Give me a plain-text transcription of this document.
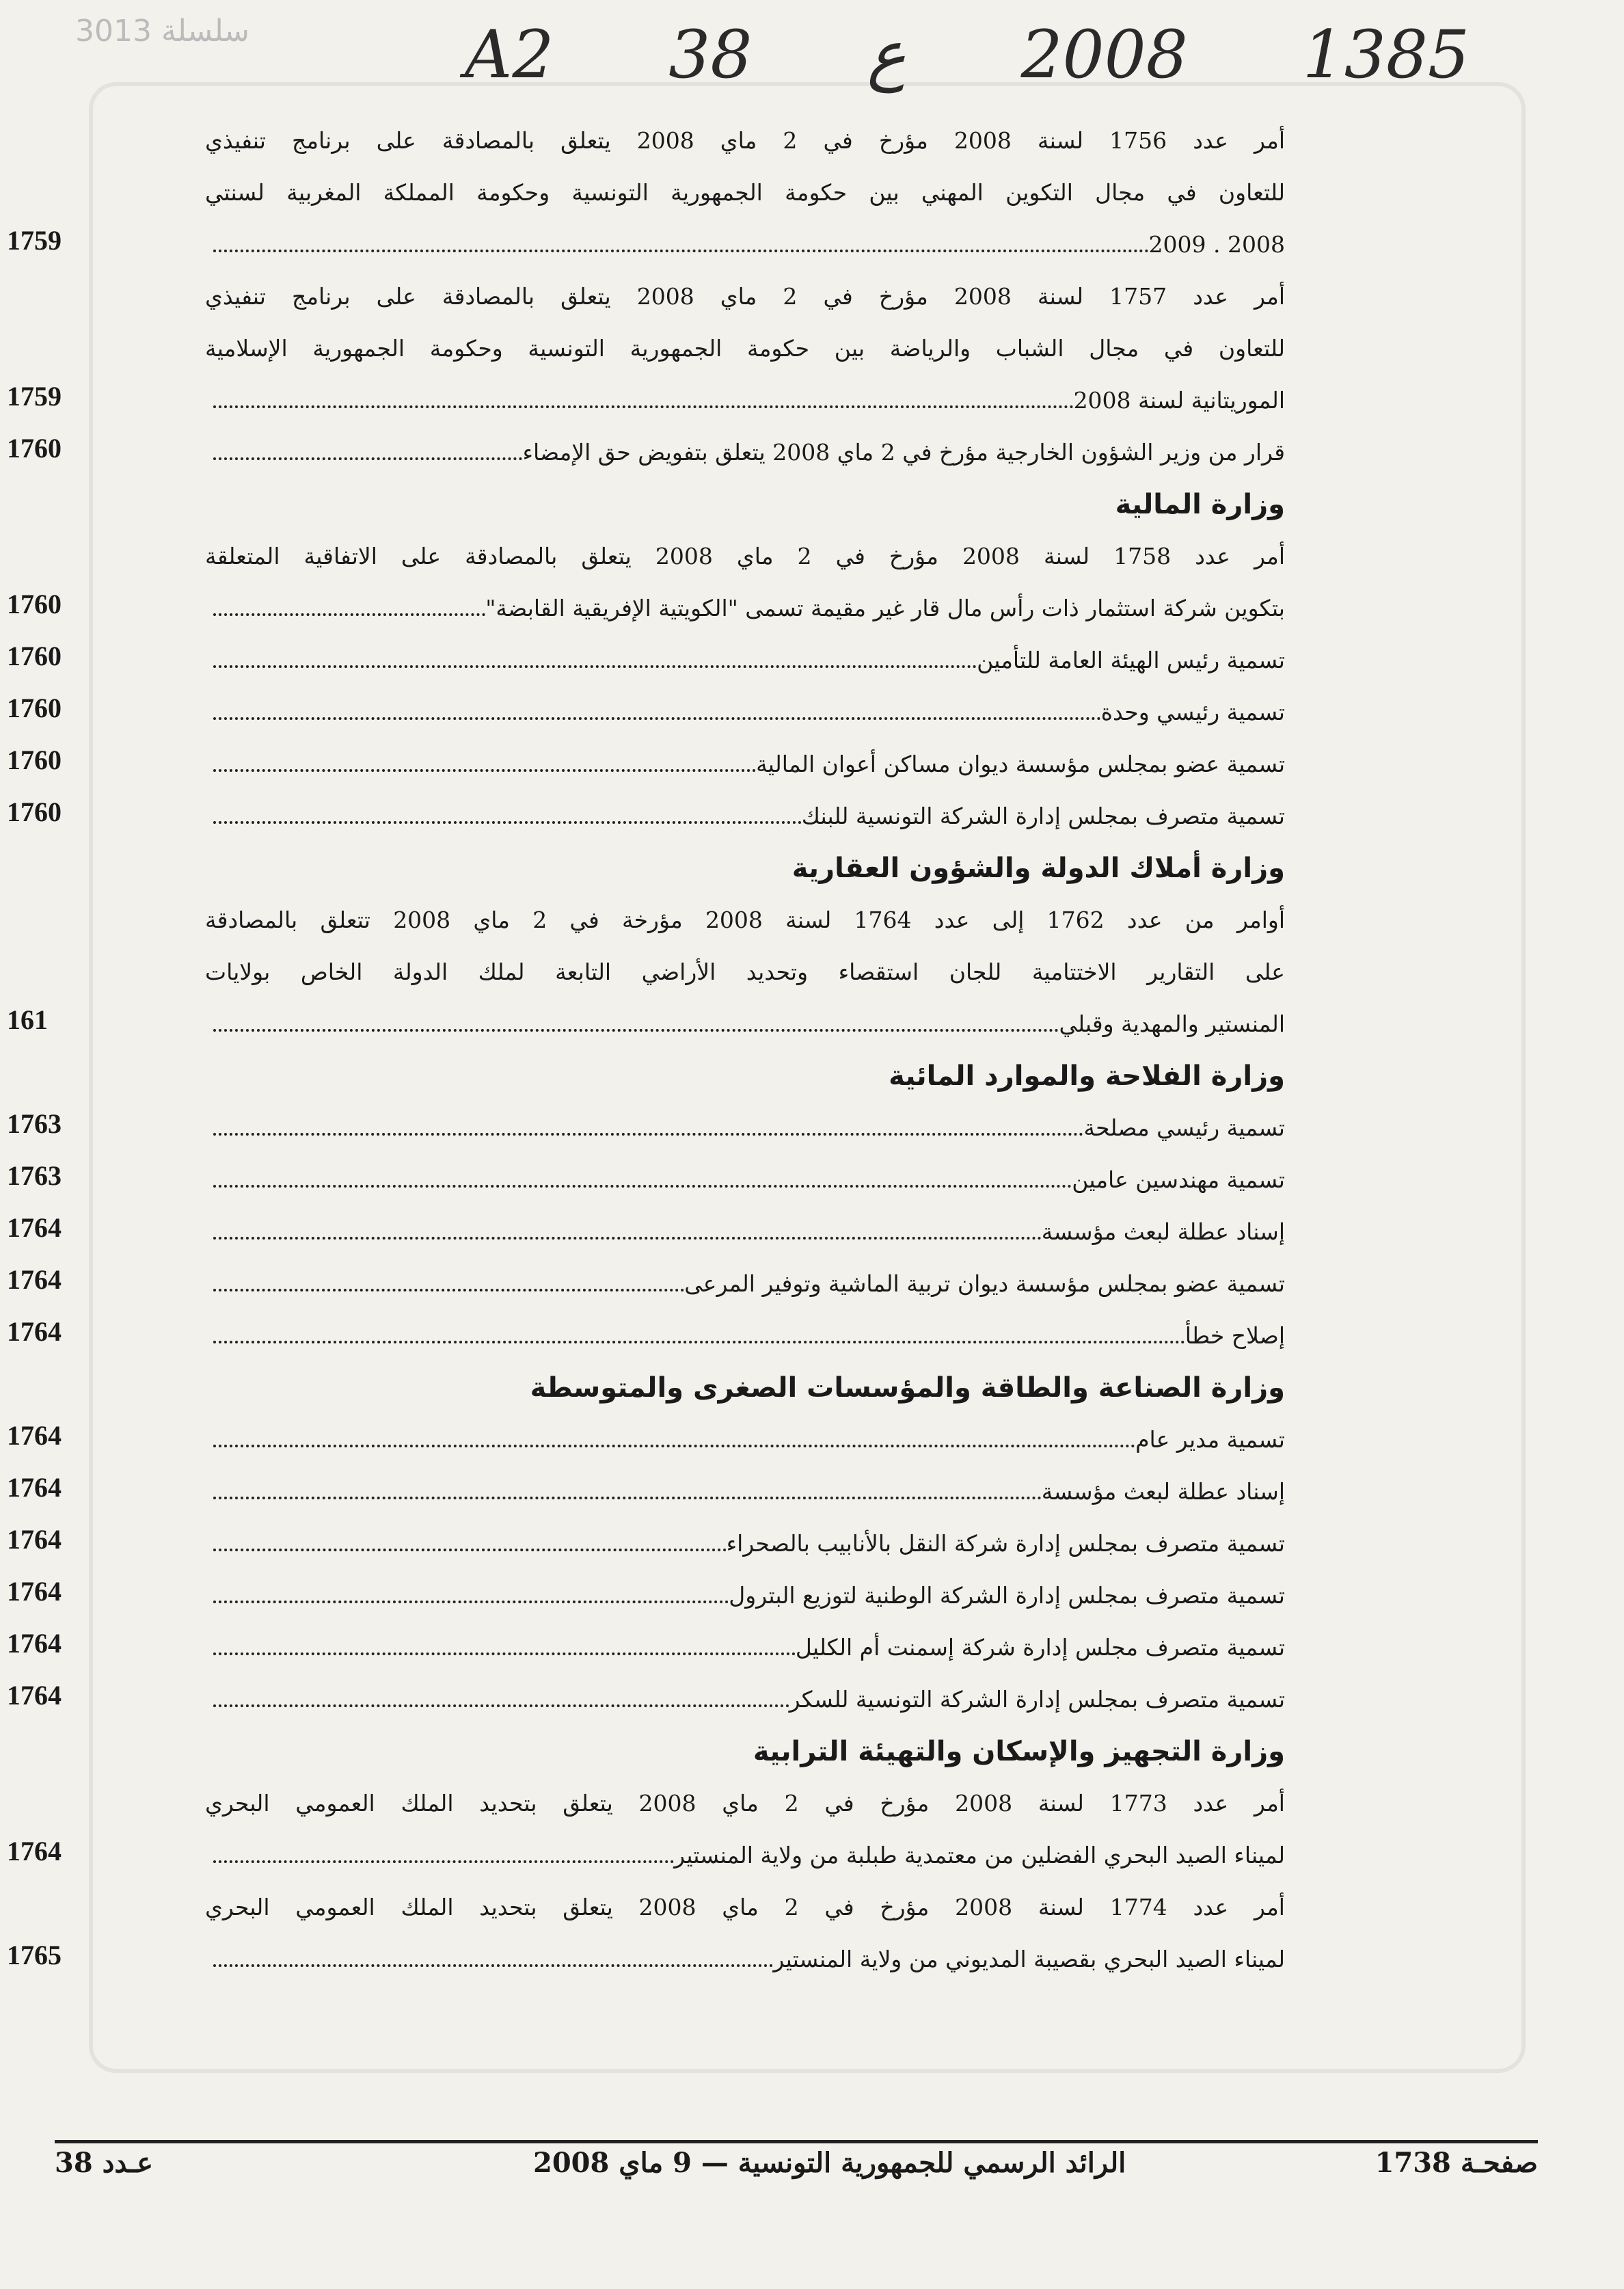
3013 ﺳﻠﺴﻠﺔ	A2 38 ع 2008 1385
أمر عدد 1756 لسنة 2008 مؤرخ في 2 ماي 2008 يتعلق بالمصادقة على برنامج تنفيذي
للتعاون في مجال التكوين المهني بين حكومة الجمهورية التونسية وحكومة المملكة المغربية لسنتي
2008 . 2009
1759
أمر عدد 1757 لسنة 2008 مؤرخ في 2 ماي 2008 يتعلق بالمصادقة على برنامج تنفيذي
للتعاون في مجال الشباب والرياضة بين حكومة الجمهورية التونسية وحكومة الجمهورية الإسلامية
الموريتانية لسنة 2008
1759
قرار من وزير الشؤون الخارجية مؤرخ في 2 ماي 2008 يتعلق بتفويض حق الإمضاء
1760
وزارة المالية
أمر عدد 1758 لسنة 2008 مؤرخ في 2 ماي 2008 يتعلق بالمصادقة على الاتفاقية المتعلقة
بتكوين شركة استثمار ذات رأس مال قار غير مقيمة تسمى "الكويتية الإفريقية القابضة"
1760
تسمية رئيس الهيئة العامة للتأمين
1760
تسمية رئيسي وحدة
1760
تسمية عضو بمجلس مؤسسة ديوان مساكن أعوان المالية
1760
تسمية متصرف بمجلس إدارة الشركة التونسية للبنك
1760
وزارة أملاك الدولة والشؤون العقارية
أوامر من عدد 1762 إلى عدد 1764 لسنة 2008 مؤرخة في 2 ماي 2008 تتعلق بالمصادقة
على التقارير الاختتامية للجان استقصاء وتحديد الأراضي التابعة لملك الدولة الخاص بولايات
المنستير والمهدية وقبلي
161
وزارة الفلاحة والموارد المائية
تسمية رئيسي مصلحة
1763
تسمية مهندسين عامين
1763
إسناد عطلة لبعث مؤسسة
1764
تسمية عضو بمجلس مؤسسة ديوان تربية الماشية وتوفير المرعى
1764
إصلاح خطأ
1764
وزارة الصناعة والطاقة والمؤسسات الصغرى والمتوسطة
تسمية مدير عام
1764
إسناد عطلة لبعث مؤسسة
1764
تسمية متصرف بمجلس إدارة شركة النقل بالأنابيب بالصحراء
1764
تسمية متصرف بمجلس إدارة الشركة الوطنية لتوزيع البترول
1764
تسمية متصرف مجلس إدارة شركة إسمنت أم الكليل
1764
تسمية متصرف بمجلس إدارة الشركة التونسية للسكر
1764
وزارة التجهيز والإسكان والتهيئة الترابية
أمر عدد 1773 لسنة 2008 مؤرخ في 2 ماي 2008 يتعلق بتحديد الملك العمومي البحري
لميناء الصيد البحري الفضلين من معتمدية طبلبة من ولاية المنستير
1764
أمر عدد 1774 لسنة 2008 مؤرخ في 2 ماي 2008 يتعلق بتحديد الملك العمومي البحري
لميناء الصيد البحري بقصيبة المديوني من ولاية المنستير
1765
عـدد 38	الرائد الرسمي للجمهورية التونسية — 9 ماي 2008	صفحـة 1738
